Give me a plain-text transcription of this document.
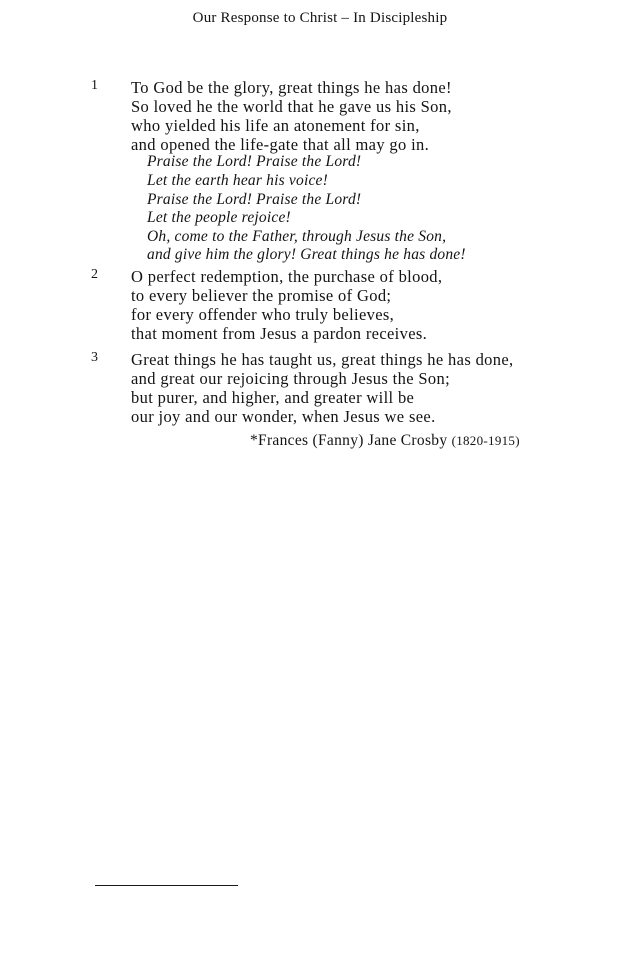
Our Response to Christ – In Discipleship
1 To God be the glory, great things he has done!
So loved he the world that he gave us his Son,
who yielded his life an atonement for sin,
and opened the life-gate that all may go in.
Praise the Lord! Praise the Lord!
Let the earth hear his voice!
Praise the Lord! Praise the Lord!
Let the people rejoice!
Oh, come to the Father, through Jesus the Son,
and give him the glory! Great things he has done!
2 O perfect redemption, the purchase of blood,
to every believer the promise of God;
for every offender who truly believes,
that moment from Jesus a pardon receives.
3 Great things he has taught us, great things he has done,
and great our rejoicing through Jesus the Son;
but purer, and higher, and greater will be
our joy and our wonder, when Jesus we see.
*Frances (Fanny) Jane Crosby (1820-1915)
